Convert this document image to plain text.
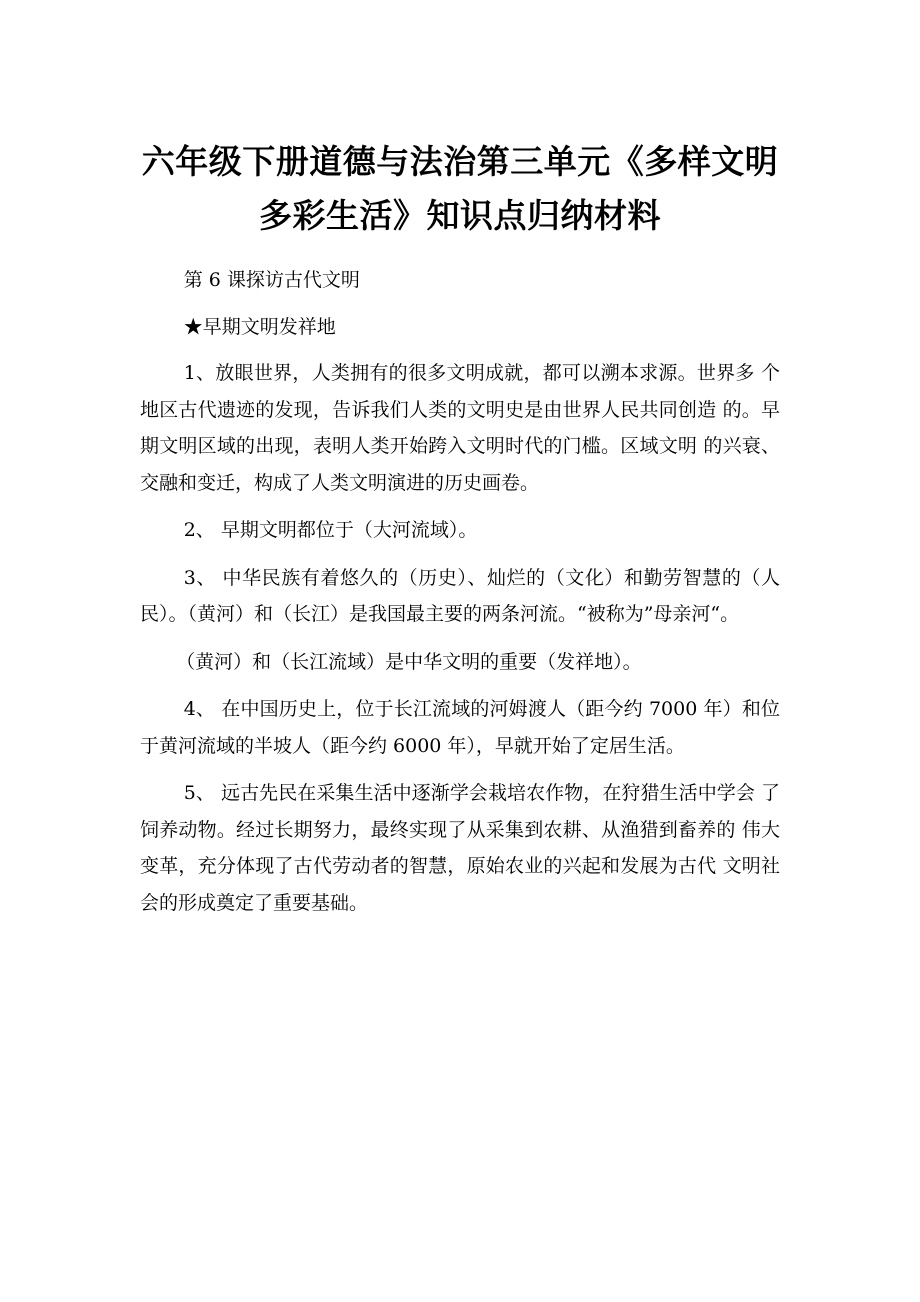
六年级下册道德与法治第三单元《多样文明
多彩生活》知识点归纳材料

第 6 课探访古代文明

★早期文明发祥地

1、放眼世界，人类拥有的很多文明成就，都可以溯本求源。世界多 个地区古代遗迹的发现，告诉我们人类的文明史是由世界人民共同创造 的。早期文明区域的出现，表明人类开始跨入文明时代的门槛。区域文明 的兴衰、交融和变迁，构成了人类文明演进的历史画卷。

2、 早期文明都位于（大河流域）。

3、 中华民族有着悠久的（历史）、灿烂的（文化）和勤劳智慧的（人 民）。（黄河）和（长江）是我国最主要的两条河流。“被称为”母亲河“。

（黄河）和（长江流域）是中华文明的重要（发祥地）。

4、 在中国历史上，位于长江流域的河姆渡人（距今约 7000 年）和位 于黄河流域的半坡人（距今约 6000 年），早就开始了定居生活。

5、 远古先民在采集生活中逐渐学会栽培农作物，在狩猎生活中学会 了饲养动物。经过长期努力，最终实现了从采集到农耕、从渔猎到畜养的 伟大变革，充分体现了古代劳动者的智慧，原始农业的兴起和发展为古代 文明社会的形成奠定了重要基础。
